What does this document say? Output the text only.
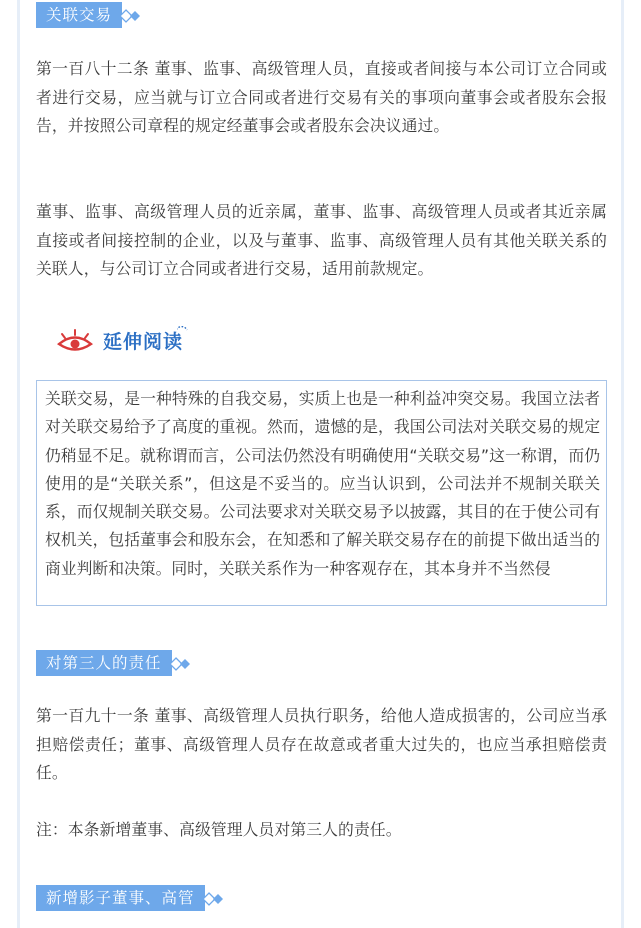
关联交易

第一百八十二条 董事、监事、高级管理人员，直接或者间接与本公司订立合同或者进行交易，应当就与订立合同或者进行交易有关的事项向董事会或者股东会报告，并按照公司章程的规定经董事会或者股东会决议通过。

董事、监事、高级管理人员的近亲属，董事、监事、高级管理人员或者其近亲属直接或者间接控制的企业，以及与董事、监事、高级管理人员有其他关联关系的关联人，与公司订立合同或者进行交易，适用前款规定。

延伸阅读

关联交易，是一种特殊的自我交易，实质上也是一种利益冲突交易。我国立法者对关联交易给予了高度的重视。然而，遗憾的是，我国公司法对关联交易的规定仍稍显不足。就称谓而言，公司法仍然没有明确使用“关联交易”这一称谓，而仍使用的是“关联关系”，但这是不妥当的。应当认识到，公司法并不规制关联关系，而仅规制关联交易。公司法要求对关联交易予以披露，其目的在于使公司有权机关，包括董事会和股东会，在知悉和了解关联交易存在的前提下做出适当的商业判断和决策。同时，关联关系作为一种客观存在，其本身并不当然侵

对第三人的责任

第一百九十一条 董事、高级管理人员执行职务，给他人造成损害的，公司应当承担赔偿责任；董事、高级管理人员存在故意或者重大过失的，也应当承担赔偿责任。

注：本条新增董事、高级管理人员对第三人的责任。

新增影子董事、高管
